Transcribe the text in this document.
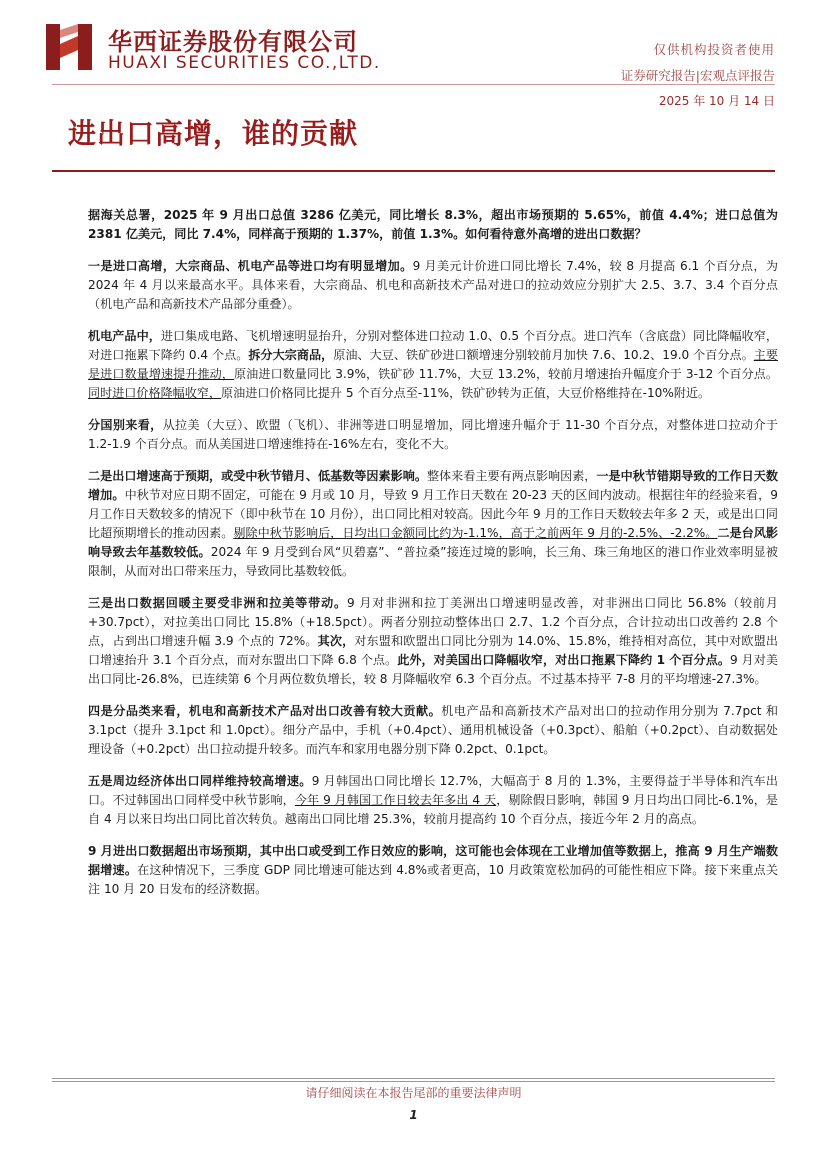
华西证券股份有限公司
HUAXI SECURITIES CO.,LTD.
仅供机构投资者使用
证券研究报告|宏观点评报告
2025 年 10 月 14 日
进出口高增，谁的贡献

据海关总署，2025 年 9 月出口总值 3286 亿美元，同比增长 8.3%，超出市场预期的 5.65%，前值 4.4%；进口总值为 2381 亿美元，同比 7.4%，同样高于预期的 1.37%，前值 1.3%。如何看待意外高增的进出口数据？

一是进口高增，大宗商品、机电产品等进口均有明显增加。9 月美元计价进口同比增长 7.4%，较 8 月提高 6.1 个百分点，为 2024 年 4 月以来最高水平。具体来看，大宗商品、机电和高新技术产品对进口的拉动效应分别扩大 2.5、3.7、3.4 个百分点（机电产品和高新技术产品部分重叠）。

机电产品中，进口集成电路、飞机增速明显抬升，分别对整体进口拉动 1.0、0.5 个百分点。进口汽车（含底盘）同比降幅收窄，对进口拖累下降约 0.4 个点。拆分大宗商品，原油、大豆、铁矿砂进口额增速分别较前月加快 7.6、10.2、19.0 个百分点。主要是进口数量增速提升推动，原油进口数量同比 3.9%，铁矿砂 11.7%，大豆 13.2%，较前月增速抬升幅度介于 3-12 个百分点。同时进口价格降幅收窄，原油进口价格同比提升 5 个百分点至-11%，铁矿砂转为正值，大豆价格维持在-10%附近。

分国别来看，从拉美（大豆）、欧盟（飞机）、非洲等进口明显增加，同比增速升幅介于 11-30 个百分点，对整体进口拉动介于 1.2-1.9 个百分点。而从美国进口增速维持在-16%左右，变化不大。

二是出口增速高于预期，或受中秋节错月、低基数等因素影响。整体来看主要有两点影响因素，一是中秋节错期导致的工作日天数增加。中秋节对应日期不固定，可能在 9 月或 10 月，导致 9 月工作日天数在 20-23 天的区间内波动。根据往年的经验来看，9 月工作日天数较多的情况下（即中秋节在 10 月份），出口同比相对较高。因此今年 9 月的工作日天数较去年多 2 天，或是出口同比超预期增长的推动因素。剔除中秋节影响后，日均出口金额同比约为-1.1%，高于之前两年 9 月的-2.5%、-2.2%。二是台风影响导致去年基数较低。2024 年 9 月受到台风“贝碧嘉”、“普拉桑”接连过境的影响，长三角、珠三角地区的港口作业效率明显被限制，从而对出口带来压力，导致同比基数较低。

三是出口数据回暖主要受非洲和拉美等带动。9 月对非洲和拉丁美洲出口增速明显改善，对非洲出口同比 56.8%（较前月+30.7pct），对拉美出口同比 15.8%（+18.5pct）。两者分别拉动整体出口 2.7、1.2 个百分点，合计拉动出口改善约 2.8 个点，占到出口增速升幅 3.9 个点的 72%。其次，对东盟和欧盟出口同比分别为 14.0%、15.8%，维持相对高位，其中对欧盟出口增速抬升 3.1 个百分点，而对东盟出口下降 6.8 个点。此外，对美国出口降幅收窄，对出口拖累下降约 1 个百分点。9 月对美出口同比-26.8%，已连续第 6 个月两位数负增长，较 8 月降幅收窄 6.3 个百分点。不过基本持平 7-8 月的平均增速-27.3%。

四是分品类来看，机电和高新技术产品对出口改善有较大贡献。机电产品和高新技术产品对出口的拉动作用分别为 7.7pct 和 3.1pct（提升 3.1pct 和 1.0pct）。细分产品中，手机（+0.4pct）、通用机械设备（+0.3pct）、船舶（+0.2pct）、自动数据处理设备（+0.2pct）出口拉动提升较多。而汽车和家用电器分别下降 0.2pct、0.1pct。

五是周边经济体出口同样维持较高增速。9 月韩国出口同比增长 12.7%，大幅高于 8 月的 1.3%，主要得益于半导体和汽车出口。不过韩国出口同样受中秋节影响，今年 9 月韩国工作日较去年多出 4 天，剔除假日影响，韩国 9 月日均出口同比-6.1%，是自 4 月以来日均出口同比首次转负。越南出口同比增 25.3%，较前月提高约 10 个百分点，接近今年 2 月的高点。

9 月进出口数据超出市场预期，其中出口或受到工作日效应的影响，这可能也会体现在工业增加值等数据上，推高 9 月生产端数据增速。在这种情况下，三季度 GDP 同比增速可能达到 4.8%或者更高，10 月政策宽松加码的可能性相应下降。接下来重点关注 10 月 20 日发布的经济数据。

请仔细阅读在本报告尾部的重要法律声明
1
